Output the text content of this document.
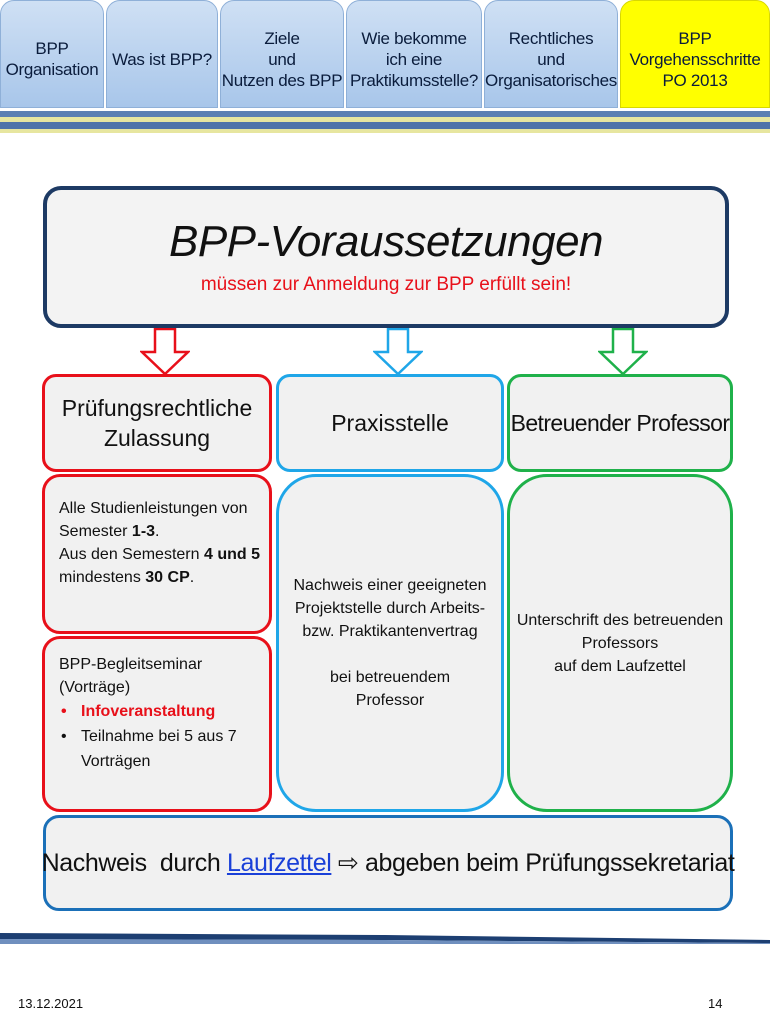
BPP
Organisation
Was ist BPP?
Ziele
und
Nutzen des BPP
Wie bekomme
ich eine
Praktikumsstelle?
Rechtliches
und
Organisatorisches
BPP
Vorgehensschritte
PO 2013
BPP-Voraussetzungen
müssen zur Anmeldung zur BPP erfüllt sein!
Prüfungsrechtliche
Zulassung
Praxisstelle	Betreuender Professor
Alle Studienleistungen von
Semester 1-3.
Aus den Semestern 4 und 5
mindestens 30 CP.
BPP-Begleitseminar
(Vorträge)
• Infoveranstaltung
• Teilnahme bei 5 aus 7
Vorträgen
Nachweis einer geeigneten
Projektstelle durch Arbeits-
bzw. Praktikantenvertrag
bei betreuendem
Professor
Unterschrift des betreuenden
Professors
auf dem Laufzettel
Nachweis  durch Laufzettel ⇨ abgeben beim Prüfungssekretariat
13.12.2021	14
